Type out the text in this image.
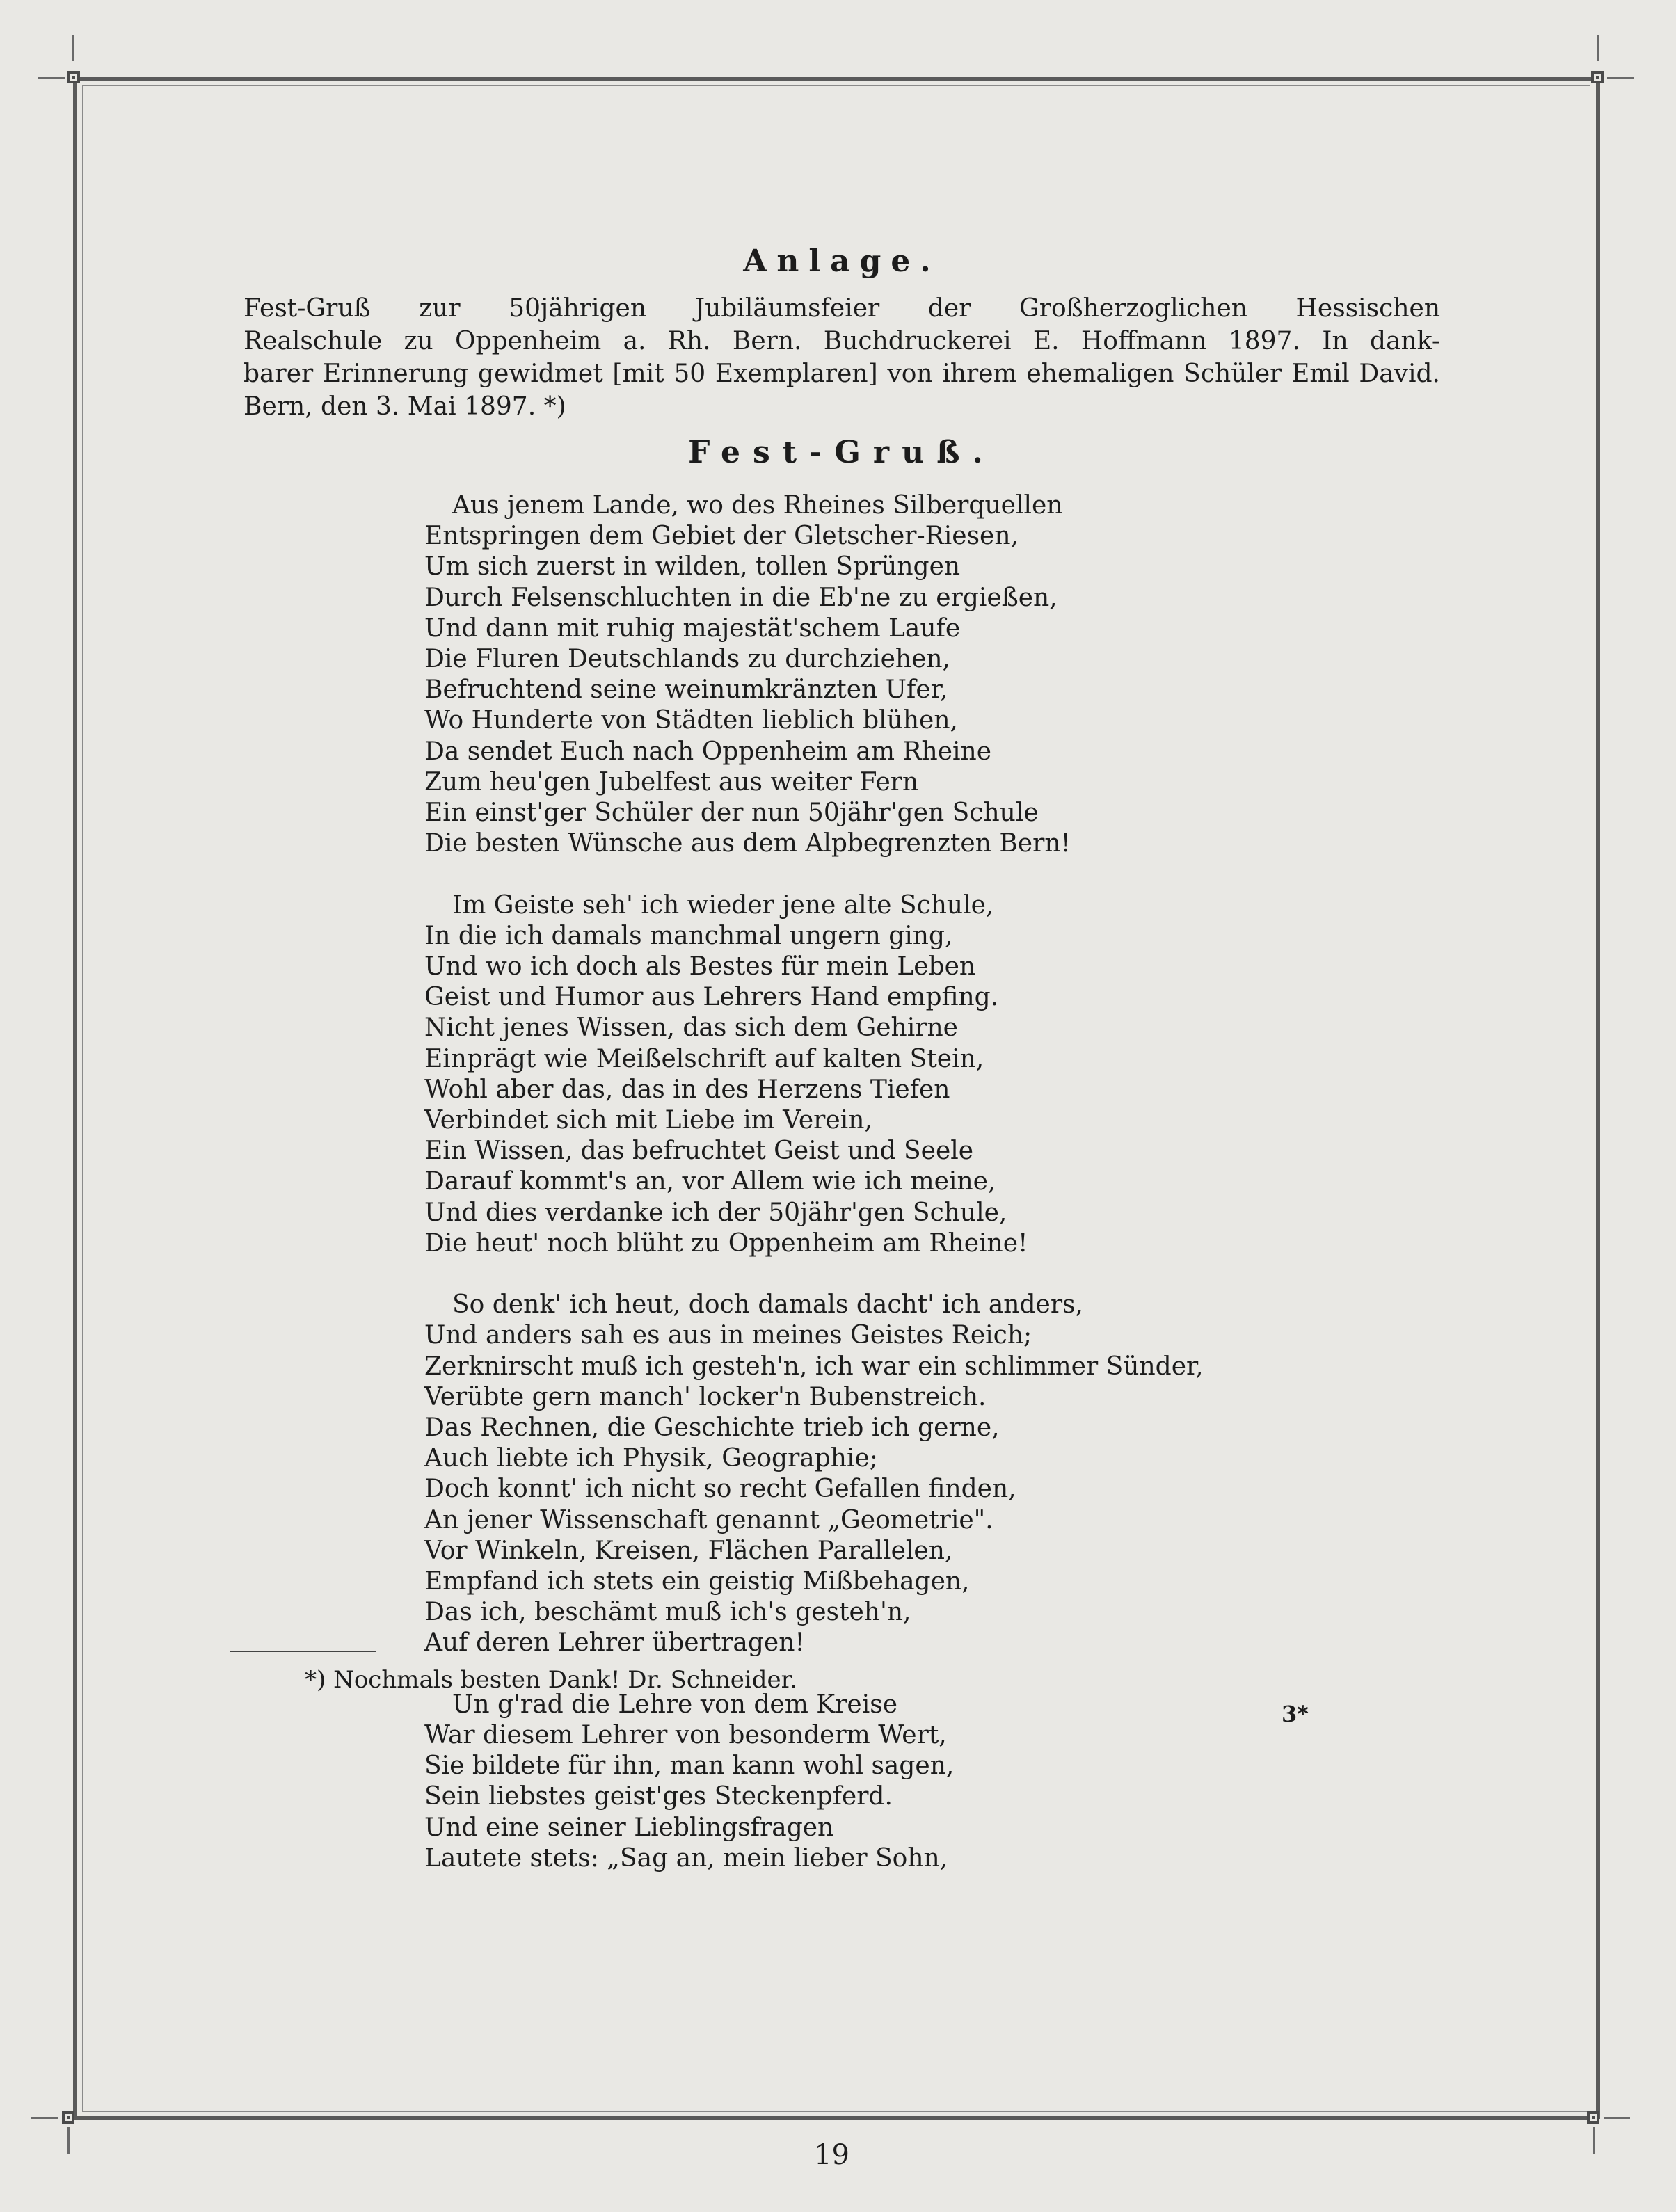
Anlage.
Fest-Gruß zur 50jährigen Jubiläumsfeier der Großherzoglichen Hessischen
Realschule zu Oppenheim a. Rh. Bern. Buchdruckerei E. Hoffmann 1897. In dank-
barer Erinnerung gewidmet [mit 50 Exemplaren] von ihrem ehemaligen Schüler Emil David.
Bern, den 3. Mai 1897. *)
Fest-Gruß.
Aus jenem Lande, wo des Rheines Silberquellen
Entspringen dem Gebiet der Gletscher-Riesen,
Um sich zuerst in wilden, tollen Sprüngen
Durch Felsenschluchten in die Eb'ne zu ergießen,
Und dann mit ruhig majestät'schem Laufe
Die Fluren Deutschlands zu durchziehen,
Befruchtend seine weinumkränzten Ufer,
Wo Hunderte von Städten lieblich blühen,
Da sendet Euch nach Oppenheim am Rheine
Zum heu'gen Jubelfest aus weiter Fern
Ein einst'ger Schüler der nun 50jähr'gen Schule
Die besten Wünsche aus dem Alpbegrenzten Bern!
Im Geiste seh' ich wieder jene alte Schule,
In die ich damals manchmal ungern ging,
Und wo ich doch als Bestes für mein Leben
Geist und Humor aus Lehrers Hand empfing.
Nicht jenes Wissen, das sich dem Gehirne
Einprägt wie Meißelschrift auf kalten Stein,
Wohl aber das, das in des Herzens Tiefen
Verbindet sich mit Liebe im Verein,
Ein Wissen, das befruchtet Geist und Seele
Darauf kommt's an, vor Allem wie ich meine,
Und dies verdanke ich der 50jähr'gen Schule,
Die heut' noch blüht zu Oppenheim am Rheine!
So denk' ich heut, doch damals dacht' ich anders,
Und anders sah es aus in meines Geistes Reich;
Zerknirscht muß ich gesteh'n, ich war ein schlimmer Sünder,
Verübte gern manch' locker'n Bubenstreich.
Das Rechnen, die Geschichte trieb ich gerne,
Auch liebte ich Physik, Geographie;
Doch konnt' ich nicht so recht Gefallen finden,
An jener Wissenschaft genannt „Geometrie".
Vor Winkeln, Kreisen, Flächen Parallelen,
Empfand ich stets ein geistig Mißbehagen,
Das ich, beschämt muß ich's gesteh'n,
Auf deren Lehrer übertragen!
Un g'rad die Lehre von dem Kreise
War diesem Lehrer von besonderm Wert,
Sie bildete für ihn, man kann wohl sagen,
Sein liebstes geist'ges Steckenpferd.
Und eine seiner Lieblingsfragen
Lautete stets: „Sag an, mein lieber Sohn,
*) Nochmals besten Dank! Dr. Schneider.
3*
19
